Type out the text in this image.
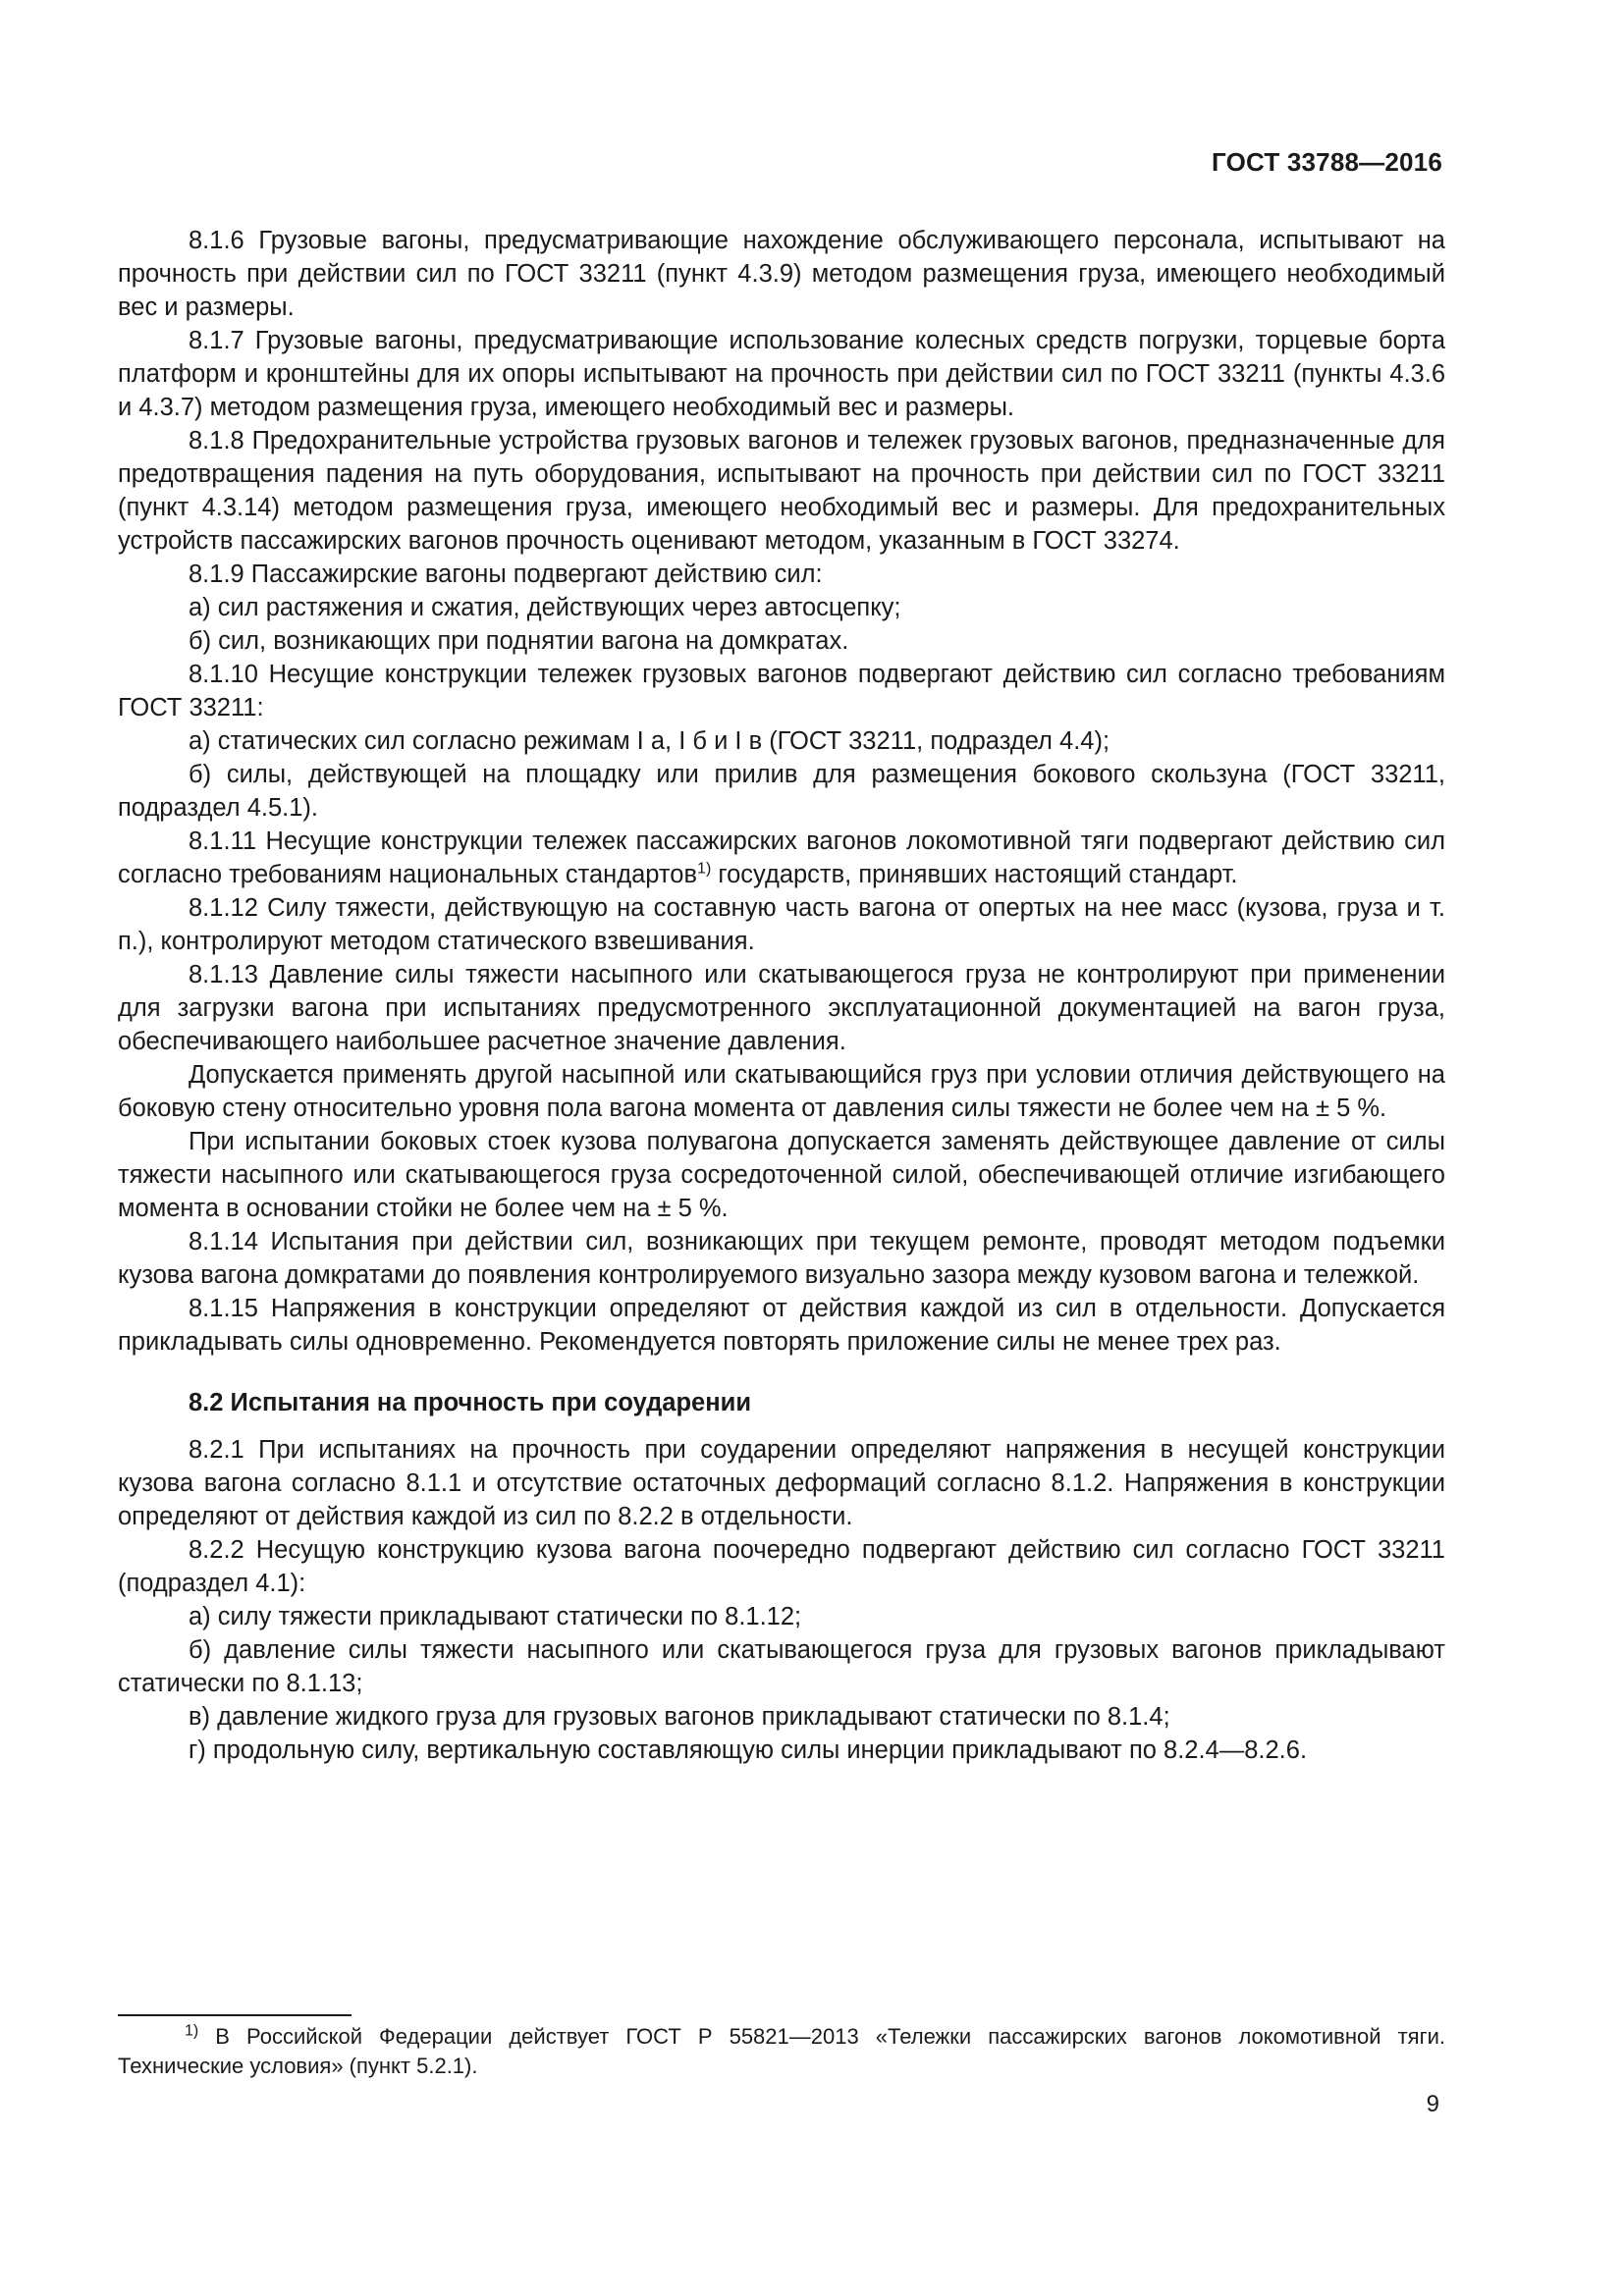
ГОСТ 33788—2016

8.1.6 Грузовые вагоны, предусматривающие нахождение обслуживающего персонала, испытывают на прочность при действии сил по ГОСТ 33211 (пункт 4.3.9) методом размещения груза, имеющего необходимый вес и размеры.

8.1.7 Грузовые вагоны, предусматривающие использование колесных средств погрузки, торцевые борта платформ и кронштейны для их опоры испытывают на прочность при действии сил по ГОСТ 33211 (пункты 4.3.6 и 4.3.7) методом размещения груза, имеющего необходимый вес и размеры.

8.1.8 Предохранительные устройства грузовых вагонов и тележек грузовых вагонов, предназначенные для предотвращения падения на путь оборудования, испытывают на прочность при действии сил по ГОСТ 33211 (пункт 4.3.14) методом размещения груза, имеющего необходимый вес и размеры. Для предохранительных устройств пассажирских вагонов прочность оценивают методом, указанным в ГОСТ 33274.

8.1.9 Пассажирские вагоны подвергают действию сил:

а) сил растяжения и сжатия, действующих через автосцепку;

б) сил, возникающих при поднятии вагона на домкратах.

8.1.10 Несущие конструкции тележек грузовых вагонов подвергают действию сил согласно требованиям ГОСТ 33211:

а) статических сил согласно режимам I а, I б и I в (ГОСТ 33211, подраздел 4.4);

б) силы, действующей на площадку или прилив для размещения бокового скользуна (ГОСТ 33211, подраздел 4.5.1).

8.1.11 Несущие конструкции тележек пассажирских вагонов локомотивной тяги подвергают действию сил согласно требованиям национальных стандартов$^{1)}$ государств, принявших настоящий стандарт.

8.1.12 Силу тяжести, действующую на составную часть вагона от опертых на нее масс (кузова, груза и т. п.), контролируют методом статического взвешивания.

8.1.13 Давление силы тяжести насыпного или скатывающегося груза не контролируют при применении для загрузки вагона при испытаниях предусмотренного эксплуатационной документацией на вагон груза, обеспечивающего наибольшее расчетное значение давления.

Допускается применять другой насыпной или скатывающийся груз при условии отличия действующего на боковую стену относительно уровня пола вагона момента от давления силы тяжести не более чем на ± 5 %.

При испытании боковых стоек кузова полувагона допускается заменять действующее давление от силы тяжести насыпного или скатывающегося груза сосредоточенной силой, обеспечивающей отличие изгибающего момента в основании стойки не более чем на ± 5 %.

8.1.14 Испытания при действии сил, возникающих при текущем ремонте, проводят методом подъемки кузова вагона домкратами до появления контролируемого визуально зазора между кузовом вагона и тележкой.

8.1.15 Напряжения в конструкции определяют от действия каждой из сил в отдельности. Допускается прикладывать силы одновременно. Рекомендуется повторять приложение силы не менее трех раз.

8.2 Испытания на прочность при соударении

8.2.1 При испытаниях на прочность при соударении определяют напряжения в несущей конструкции кузова вагона согласно 8.1.1 и отсутствие остаточных деформаций согласно 8.1.2. Напряжения в конструкции определяют от действия каждой из сил по 8.2.2 в отдельности.

8.2.2 Несущую конструкцию кузова вагона поочередно подвергают действию сил согласно ГОСТ 33211 (подраздел 4.1):

а) силу тяжести прикладывают статически по 8.1.12;

б) давление силы тяжести насыпного или скатывающегося груза для грузовых вагонов прикладывают статически по 8.1.13;

в) давление жидкого груза для грузовых вагонов прикладывают статически по 8.1.4;

г) продольную силу, вертикальную составляющую силы инерции прикладывают по 8.2.4—8.2.6.

$^{1)}$ В Российской Федерации действует ГОСТ Р 55821—2013 «Тележки пассажирских вагонов локомотивной тяги. Технические условия» (пункт 5.2.1).
9
